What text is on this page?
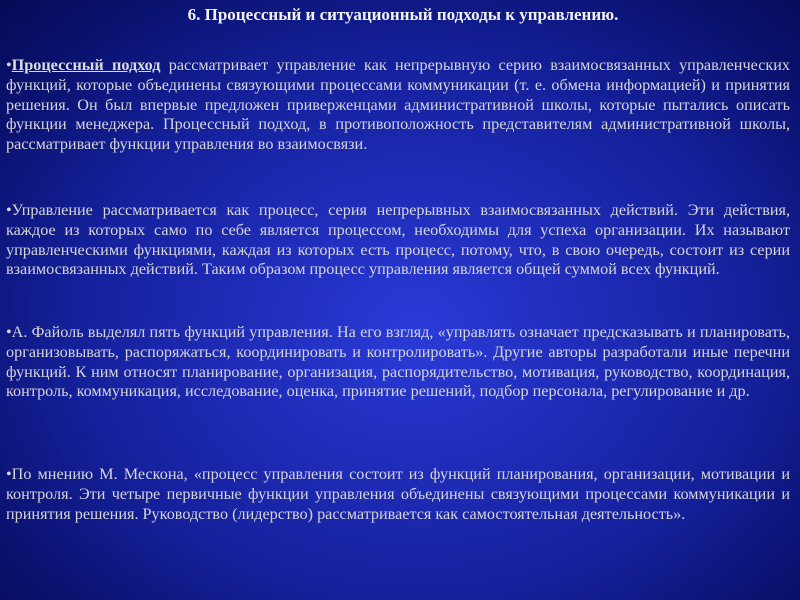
6. Процессный и ситуационный подходы к управлению.

•Процессный подход рассматривает управление как непрерывную серию взаимосвязанных управленческих функций, которые объединены связующими процессами коммуникации (т. е. обмена информацией) и принятия решения. Он был впервые предложен приверженцами административной школы, которые пытались описать функции менеджера. Процессный подход, в противоположность представителям административной школы, рассматривает функции управления во взаимосвязи.

•Управление рассматривается как процесс, серия непрерывных взаимосвязанных действий. Эти действия, каждое из которых само по себе является процессом, необходимы для успеха организации. Их называют управленческими функциями, каждая из которых есть процесс, потому, что, в свою очередь, состоит из серии взаимосвязанных действий. Таким образом процесс управления является общей суммой всех функций.

•А. Файоль выделял пять функций управления. На его взгляд, «управлять означает предсказывать и планировать, организовывать, распоряжаться, координировать и контролировать». Другие авторы разработали иные перечни функций. К ним относят планирование, организация, распорядительство, мотивация, руководство, координация, контроль, коммуникация, исследование, оценка, принятие решений, подбор персонала, регулирование и др.

•По мнению М. Мескона, «процесс управления состоит из функций планирования, организации, мотивации и контроля. Эти четыре первичные функции управления объединены связующими процессами коммуникации и принятия решения. Руководство (лидерство) рассматривается как самостоятельная деятельность».
